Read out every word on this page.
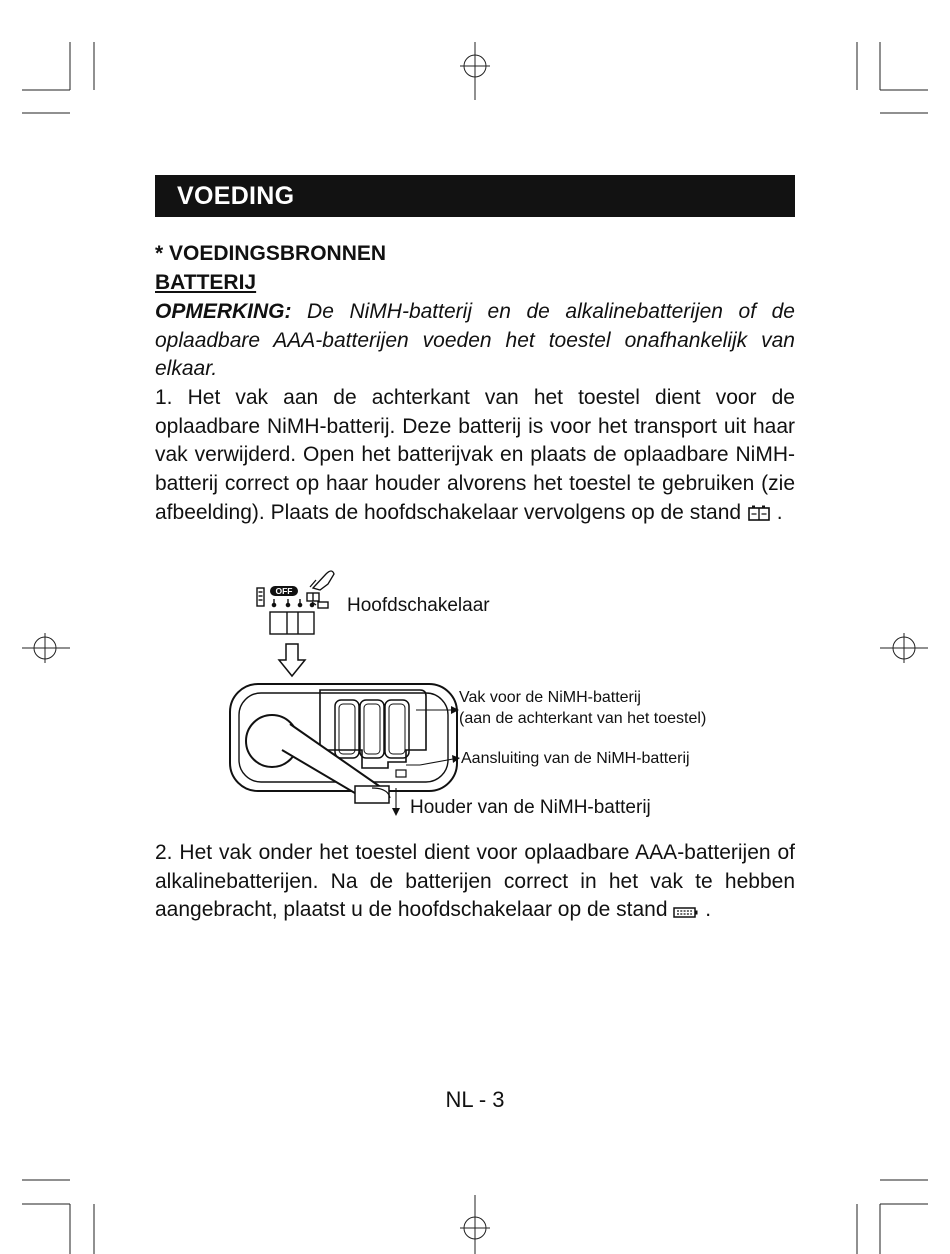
VOEDING
* VOEDINGSBRONNEN
BATTERIJ
OPMERKING: De NiMH-batterij en de alkalinebatterijen of de oplaadbare AAA-batterijen voeden het toestel onafhankelijk van elkaar.
1. Het vak aan de achterkant van het toestel dient voor de oplaadbare NiMH-batterij. Deze batterij is voor het transport uit haar vak verwijderd. Open het batterijvak en plaats de oplaadbare NiMH-batterij correct op haar houder alvorens het toestel te gebruiken (zie afbeelding). Plaats de hoofdschakelaar vervolgens op de stand .
OFF
Hoofdschakelaar
Vak voor de NiMH-batterij
(aan de achterkant van het toestel)
Aansluiting van de NiMH-batterij
Houder van de NiMH-batterij
2. Het vak onder het toestel dient voor oplaadbare AAA-batterijen of alkalinebatterijen. Na de batterijen correct in het vak te hebben aangebracht, plaatst u de hoofdschakelaar op de stand .
NL - 3
